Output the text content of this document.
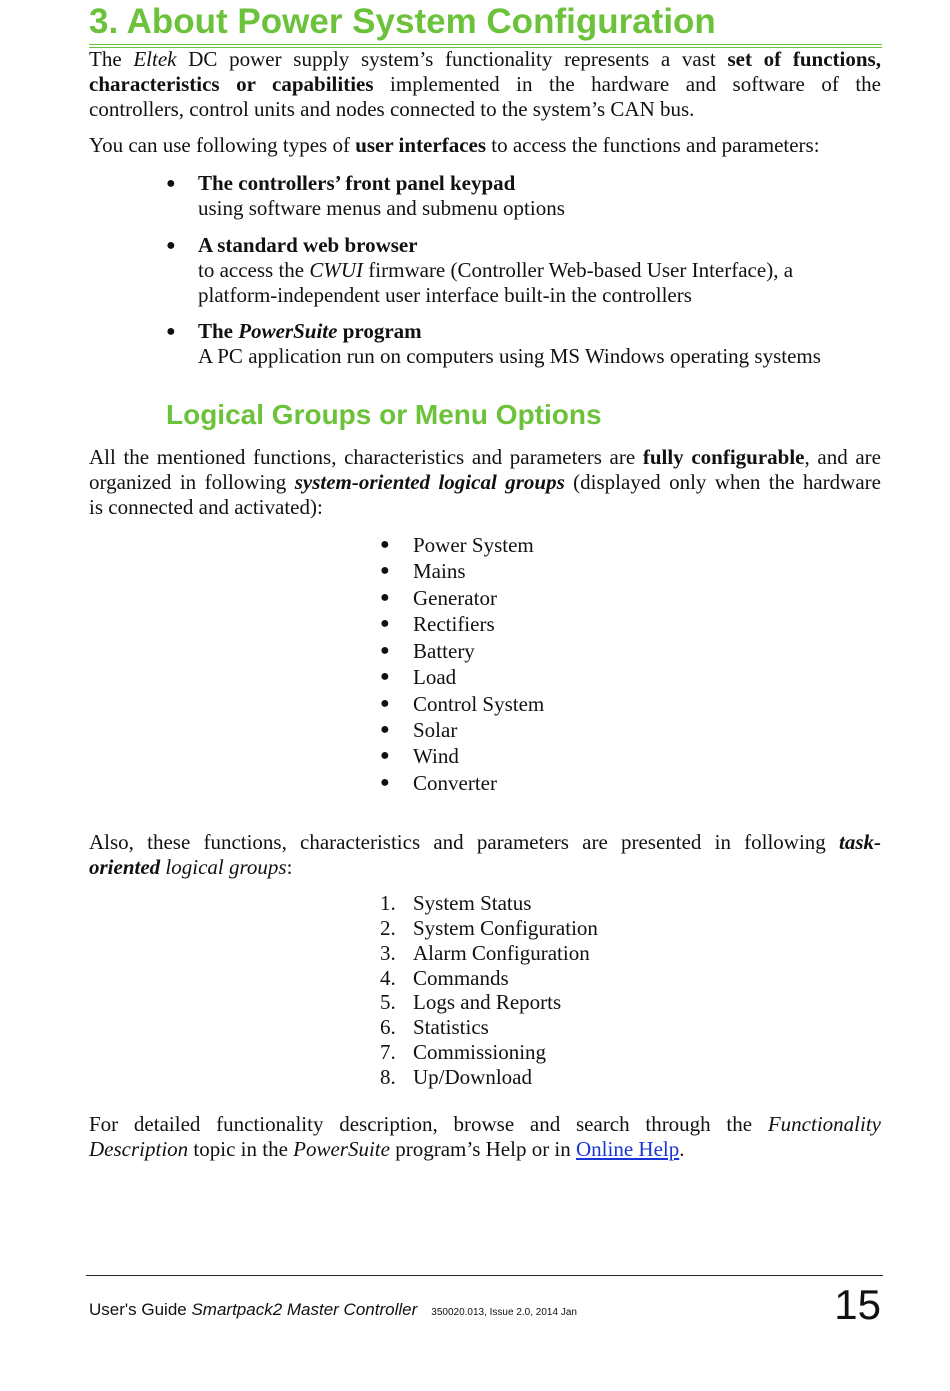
3. About Power System Configuration
The Eltek DC power supply system’s functionality represents a vast set of functions,
characteristics or capabilities implemented in the hardware and software of the
controllers, control units and nodes connected to the system’s CAN bus.
You can use following types of user interfaces to access the functions and parameters:
● The controllers’ front panel keypad
using software menus and submenu options
● A standard web browser
to access the CWUI firmware (Controller Web-based User Interface), a
platform-independent user interface built-in the controllers
● The PowerSuite program
A PC application run on computers using MS Windows operating systems
Logical Groups or Menu Options
All the mentioned functions, characteristics and parameters are fully configurable, and are
organized in following system-oriented logical groups (displayed only when the hardware
is connected and activated):
● Power System
● Mains
● Generator
● Rectifiers
● Battery
● Load
● Control System
● Solar
● Wind
● Converter
Also, these functions, characteristics and parameters are presented in following task-
oriented logical groups:
1. System Status
2. System Configuration
3. Alarm Configuration
4. Commands
5. Logs and Reports
6. Statistics
7. Commissioning
8. Up/Download
For detailed functionality description, browse and search through the Functionality
Description topic in the PowerSuite program’s Help or in Online Help.
User's Guide Smartpack2 Master Controller 350020.013, Issue 2.0, 2014 Jan	15
